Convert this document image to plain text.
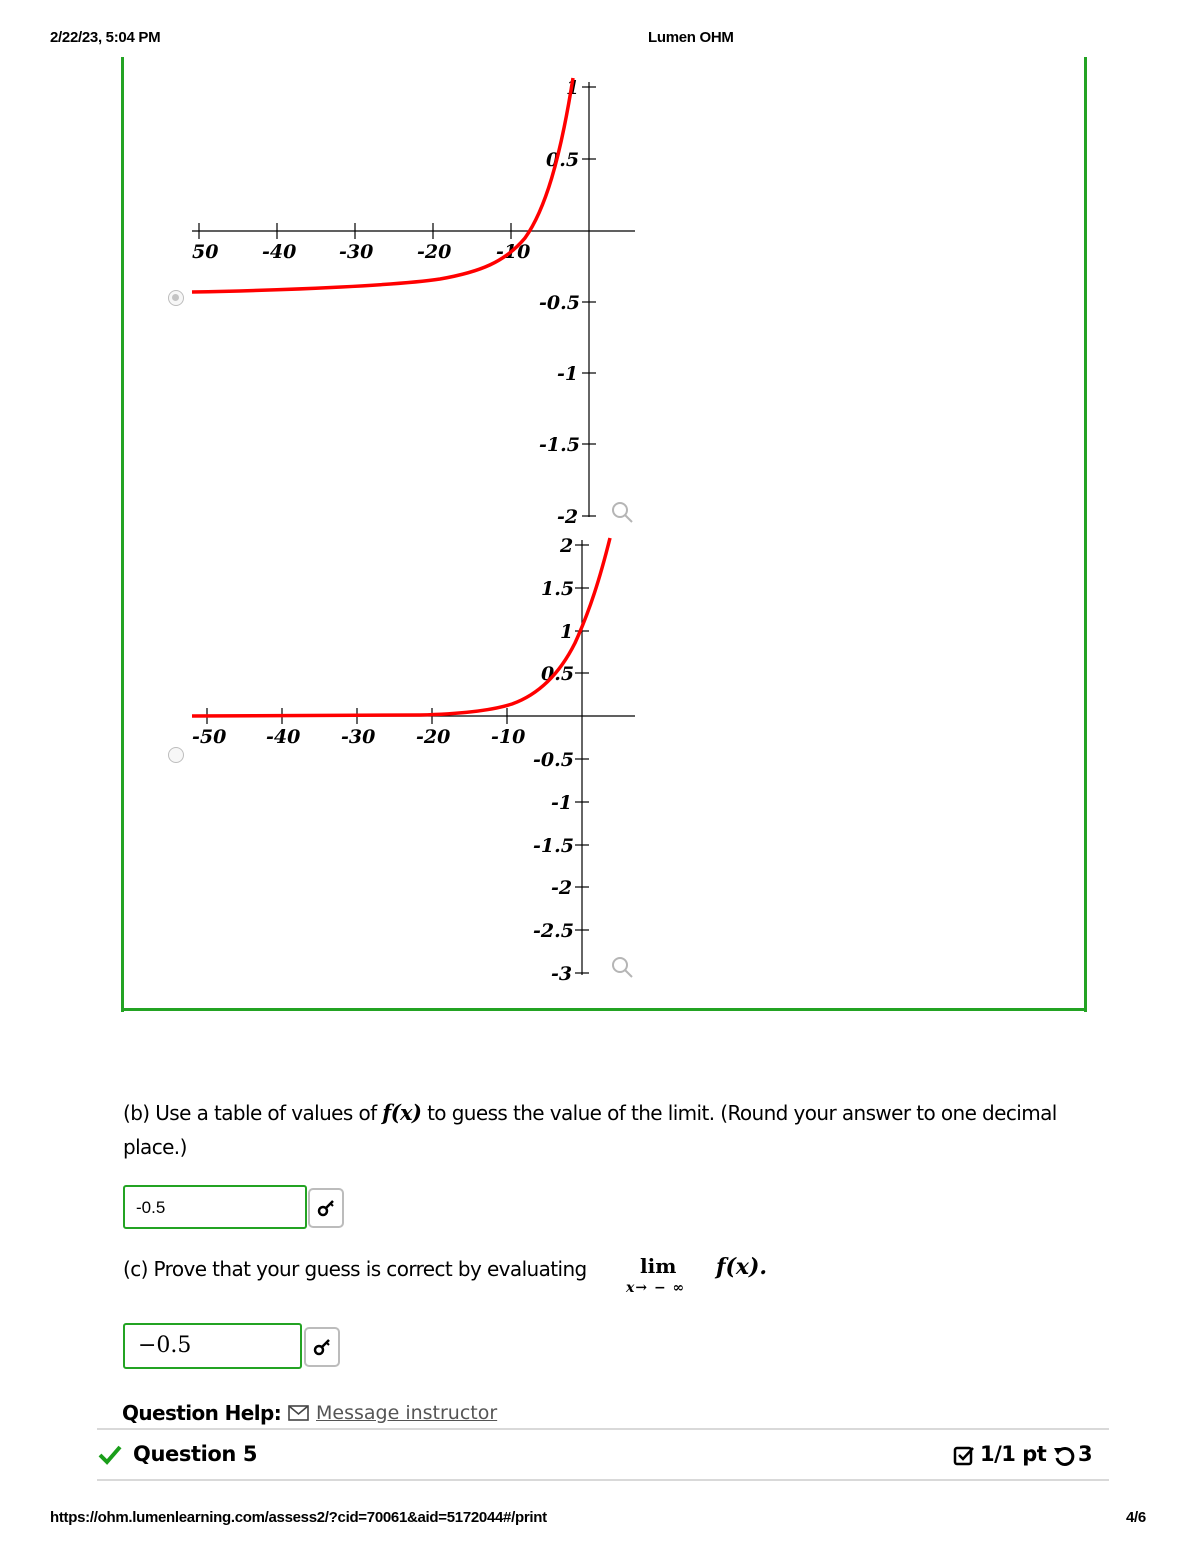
2/22/23, 5:04 PM	Lumen OHM
50 -40 -30 -20 -10
1
0.5
-0.5
-1
-1.5
-2
-50 -40 -30 -20 -10
2
1.5
1
0.5
-0.5
-1
-1.5
-2
-2.5
-3
(b) Use a table of values of f(x) to guess the value of the limit. (Round your answer to one decimal place.)
-0.5
(c) Prove that your guess is correct by evaluating	lim
x→ − ∞
f(x).
−0.5
Question Help: Message instructor
Question 5	1/1 pt 3
https://ohm.lumenlearning.com/assess2/?cid=70061&aid=5172044#/print	4/6
